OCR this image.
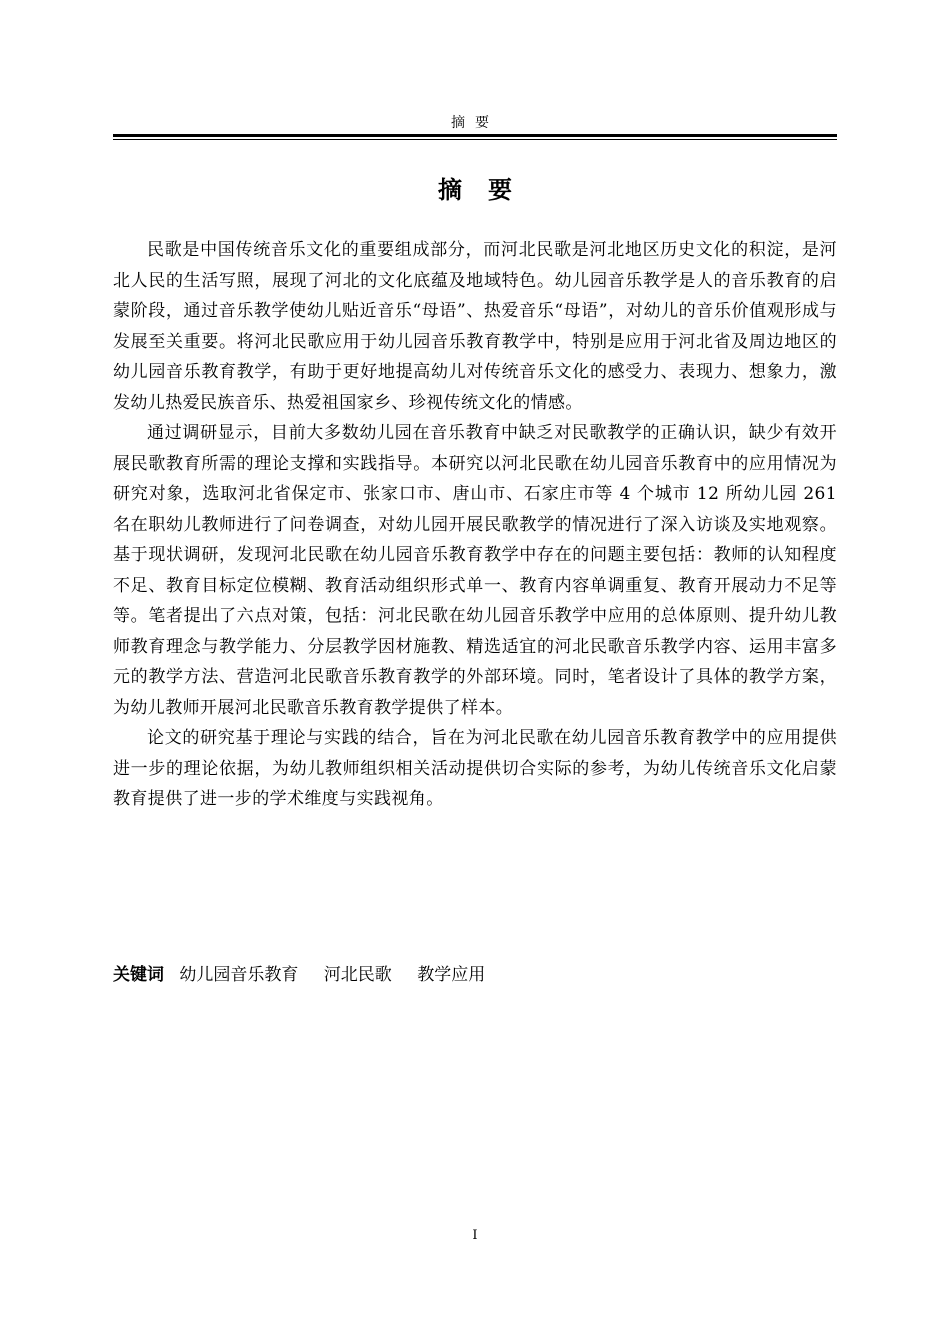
摘要
摘要

民歌是中国传统音乐文化的重要组成部分，而河北民歌是河北地区历史文化的积淀，是河北人民的生活写照，展现了河北的文化底蕴及地域特色。幼儿园音乐教学是人的音乐教育的启蒙阶段，通过音乐教学使幼儿贴近音乐“母语”、热爱音乐“母语”，对幼儿的音乐价值观形成与发展至关重要。将河北民歌应用于幼儿园音乐教育教学中，特别是应用于河北省及周边地区的幼儿园音乐教育教学，有助于更好地提高幼儿对传统音乐文化的感受力、表现力、想象力，激发幼儿热爱民族音乐、热爱祖国家乡、珍视传统文化的情感。

通过调研显示，目前大多数幼儿园在音乐教育中缺乏对民歌教学的正确认识，缺少有效开展民歌教育所需的理论支撑和实践指导。本研究以河北民歌在幼儿园音乐教育中的应用情况为研究对象，选取河北省保定市、张家口市、唐山市、石家庄市等 4 个城市 12 所幼儿园 261 名在职幼儿教师进行了问卷调查，对幼儿园开展民歌教学的情况进行了深入访谈及实地观察。基于现状调研，发现河北民歌在幼儿园音乐教育教学中存在的问题主要包括：教师的认知程度不足、教育目标定位模糊、教育活动组织形式单一、教育内容单调重复、教育开展动力不足等等。笔者提出了六点对策，包括：河北民歌在幼儿园音乐教学中应用的总体原则、提升幼儿教师教育理念与教学能力、分层教学因材施教、精选适宜的河北民歌音乐教学内容、运用丰富多元的教学方法、营造河北民歌音乐教育教学的外部环境。同时，笔者设计了具体的教学方案，为幼儿教师开展河北民歌音乐教育教学提供了样本。

论文的研究基于理论与实践的结合，旨在为河北民歌在幼儿园音乐教育教学中的应用提供进一步的理论依据，为幼儿教师组织相关活动提供切合实际的参考，为幼儿传统音乐文化启蒙教育提供了进一步的学术维度与实践视角。

关键词 幼儿园音乐教育 河北民歌 教学应用
I
